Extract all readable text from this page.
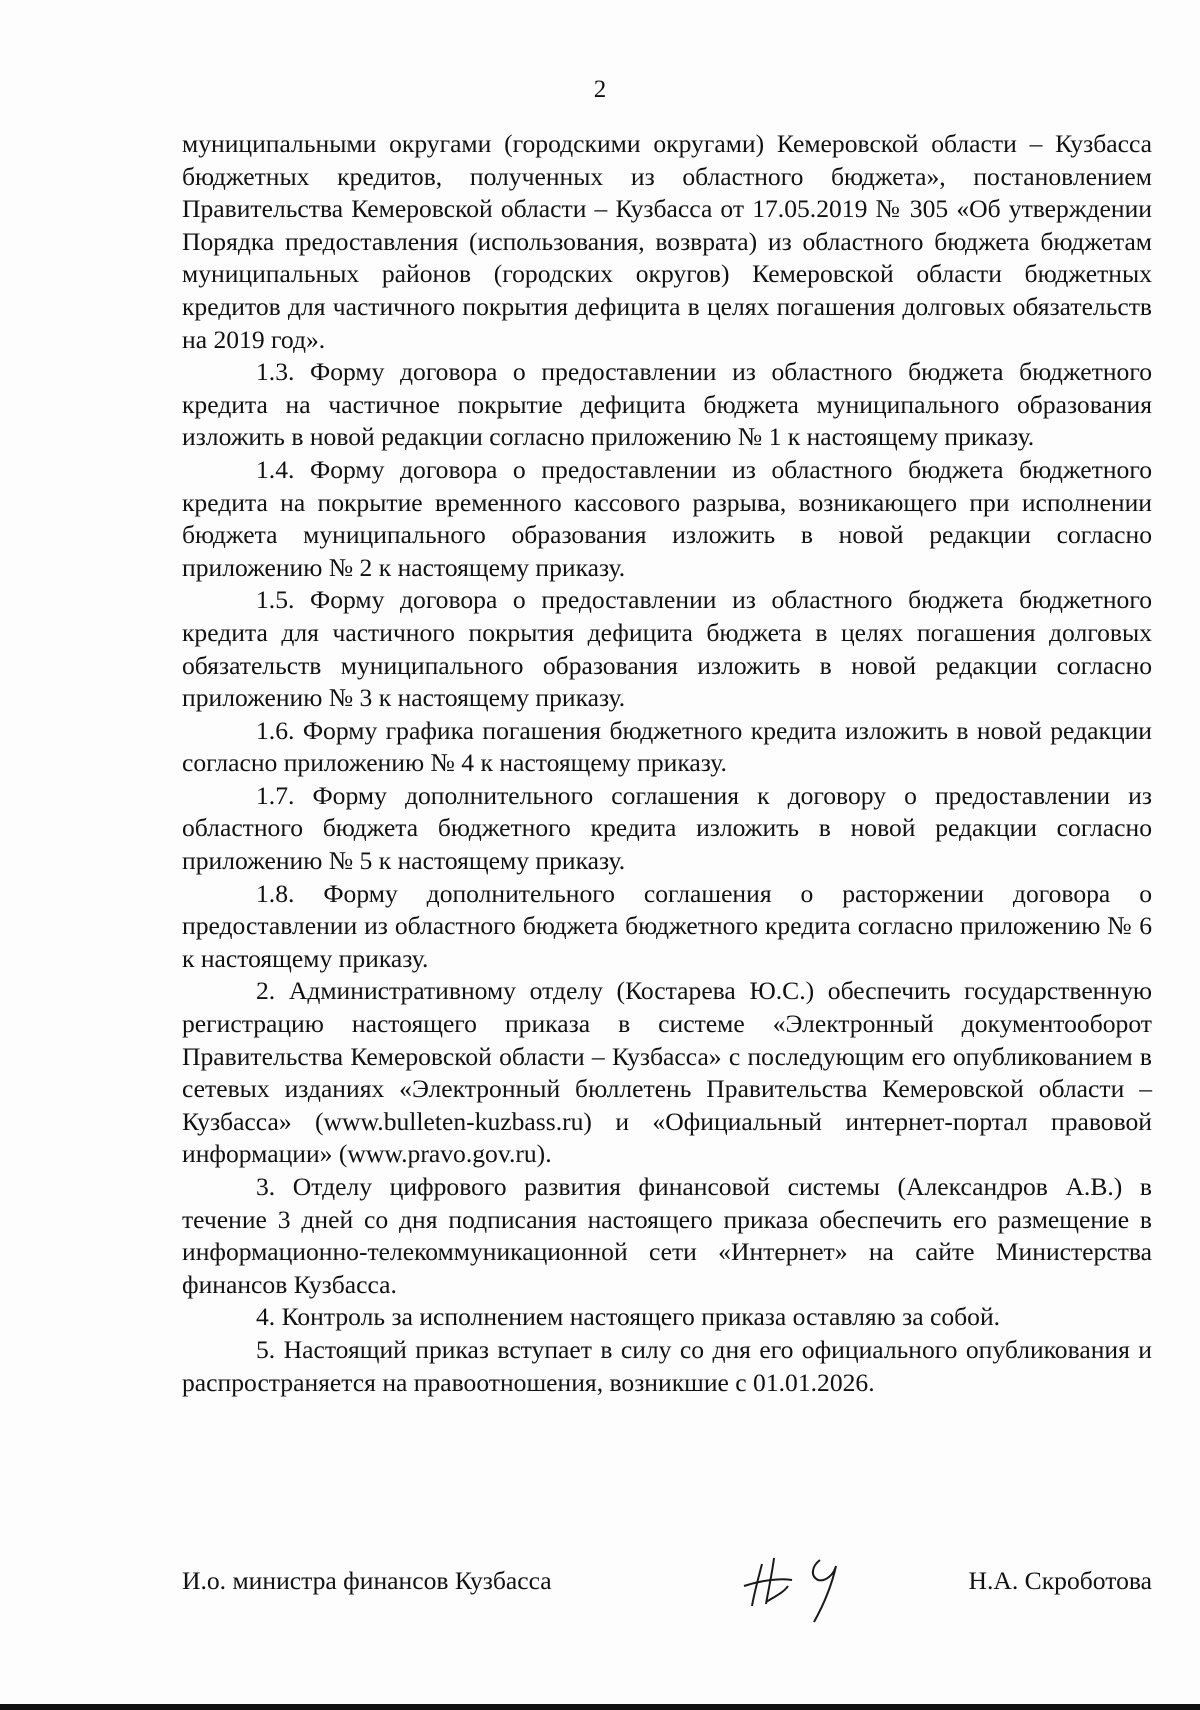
2

муниципальными округами (городскими округами) Кемеровской области – Кузбасса бюджетных кредитов, полученных из областного бюджета», постановлением Правительства Кемеровской области – Кузбасса от 17.05.2019 № 305 «Об утверждении Порядка предоставления (использования, возврата) из областного бюджета бюджетам муниципальных районов (городских округов) Кемеровской области бюджетных кредитов для частичного покрытия дефицита в целях погашения долговых обязательств на 2019 год».

1.3. Форму договора о предоставлении из областного бюджета бюджетного кредита на частичное покрытие дефицита бюджета муниципального образования изложить в новой редакции согласно приложению № 1 к настоящему приказу.

1.4. Форму договора о предоставлении из областного бюджета бюджетного кредита на покрытие временного кассового разрыва, возникающего при исполнении бюджета муниципального образования изложить в новой редакции согласно приложению № 2 к настоящему приказу.

1.5. Форму договора о предоставлении из областного бюджета бюджетного кредита для частичного покрытия дефицита бюджета в целях погашения долговых обязательств муниципального образования изложить в новой редакции согласно приложению № 3 к настоящему приказу.

1.6. Форму графика погашения бюджетного кредита изложить в новой редакции согласно приложению № 4 к настоящему приказу.

1.7. Форму дополнительного соглашения к договору о предоставлении из областного бюджета бюджетного кредита изложить в новой редакции согласно приложению № 5 к настоящему приказу.

1.8. Форму дополнительного соглашения о расторжении договора о предоставлении из областного бюджета бюджетного кредита согласно приложению № 6 к настоящему приказу.

2. Административному отделу (Костарева Ю.С.) обеспечить государственную регистрацию настоящего приказа в системе «Электронный документооборот Правительства Кемеровской области – Кузбасса» с последующим его опубликованием в сетевых изданиях «Электронный бюллетень Правительства Кемеровской области – Кузбасса» (www.bulleten-kuzbass.ru) и «Официальный интернет-портал правовой информации» (www.pravo.gov.ru).

3. Отделу цифрового развития финансовой системы (Александров А.В.) в течение 3 дней со дня подписания настоящего приказа обеспечить его размещение в информационно-телекоммуникационной сети «Интернет» на сайте Министерства финансов Кузбасса.

4. Контроль за исполнением настоящего приказа оставляю за собой.

5. Настоящий приказ вступает в силу со дня его официального опубликования и распространяется на правоотношения, возникшие с 01.01.2026.

И.о. министра финансов Кузбасса	Н.А. Скроботова
